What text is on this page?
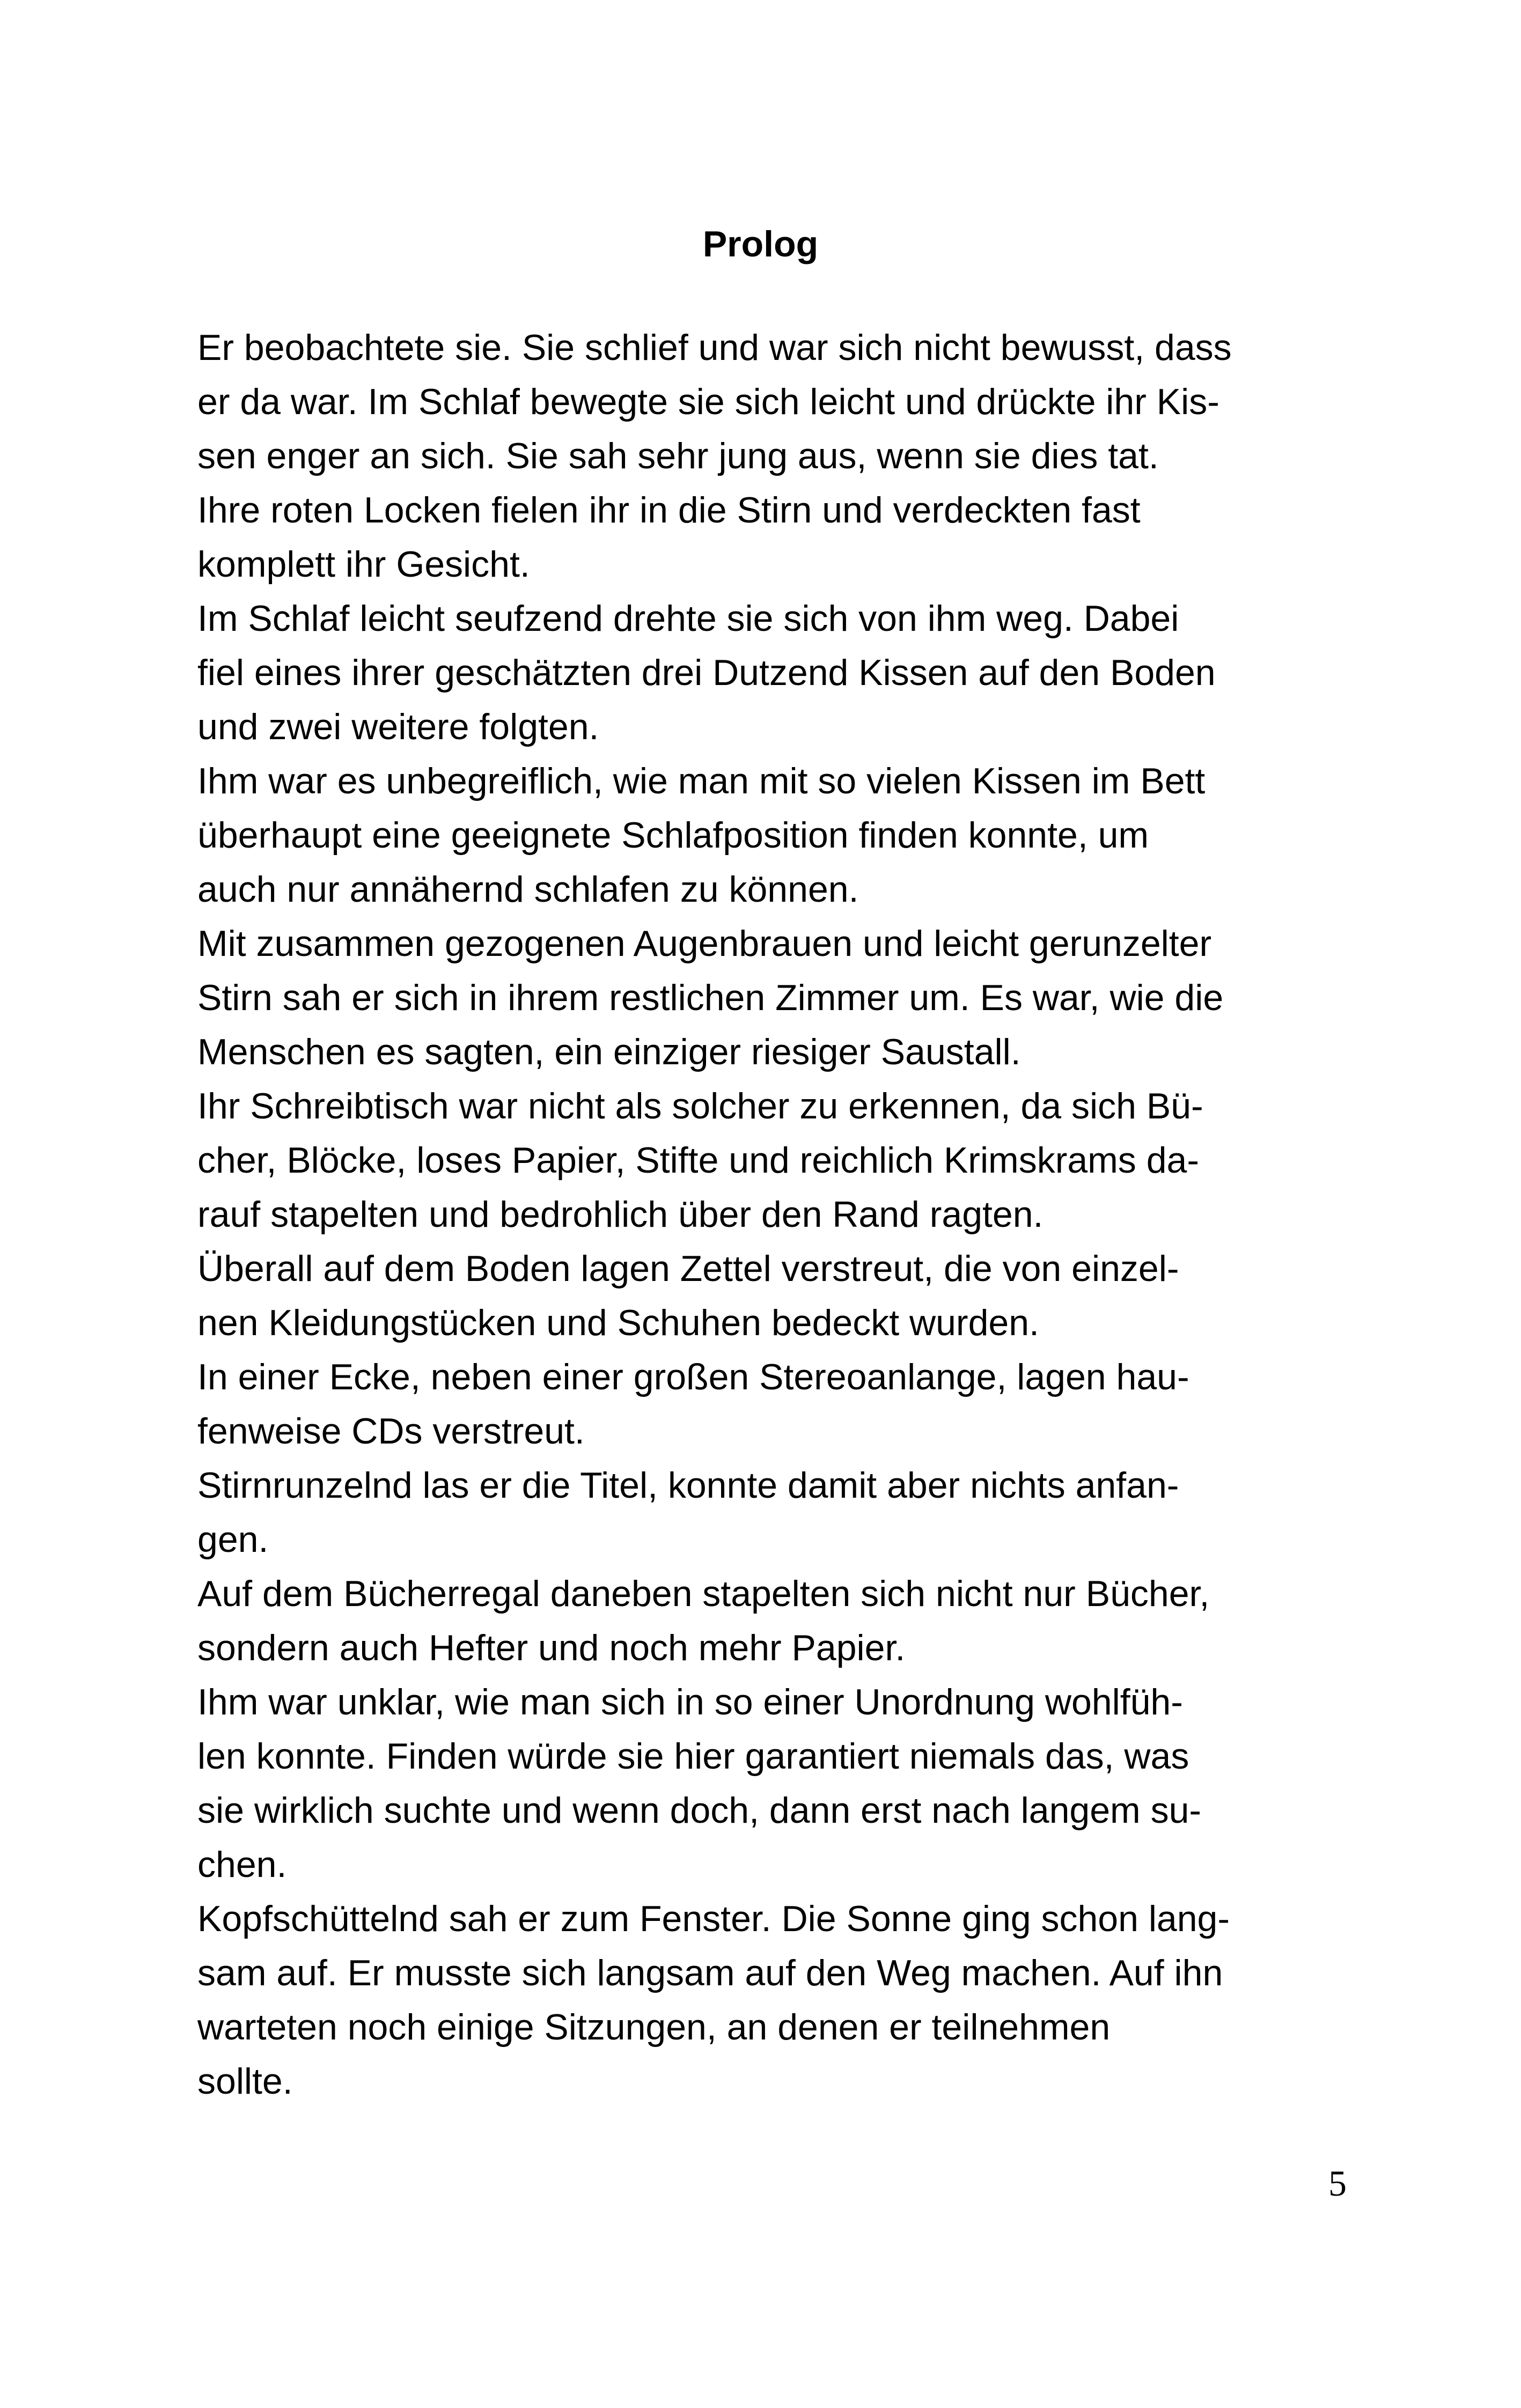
Prolog
Er beobachtete sie. Sie schlief und war sich nicht bewusst, dass
er da war. Im Schlaf bewegte sie sich leicht und drückte ihr Kis-
sen enger an sich. Sie sah sehr jung aus, wenn sie dies tat.
Ihre roten Locken fielen ihr in die Stirn und verdeckten fast
komplett ihr Gesicht.
Im Schlaf leicht seufzend drehte sie sich von ihm weg. Dabei
fiel eines ihrer geschätzten drei Dutzend Kissen auf den Boden
und zwei weitere folgten.
Ihm war es unbegreiflich, wie man mit so vielen Kissen im Bett
überhaupt eine geeignete Schlafposition finden konnte, um
auch nur annähernd schlafen zu können.
Mit zusammen gezogenen Augenbrauen und leicht gerunzelter
Stirn sah er sich in ihrem restlichen Zimmer um. Es war, wie die
Menschen es sagten, ein einziger riesiger Saustall.
Ihr Schreibtisch war nicht als solcher zu erkennen, da sich Bü-
cher, Blöcke, loses Papier, Stifte und reichlich Krimskrams da-
rauf stapelten und bedrohlich über den Rand ragten.
Überall auf dem Boden lagen Zettel verstreut, die von einzel-
nen Kleidungstücken und Schuhen bedeckt wurden.
In einer Ecke, neben einer großen Stereoanlange, lagen hau-
fenweise CDs verstreut.
Stirnrunzelnd las er die Titel, konnte damit aber nichts anfan-
gen.
Auf dem Bücherregal daneben stapelten sich nicht nur Bücher,
sondern auch Hefter und noch mehr Papier.
Ihm war unklar, wie man sich in so einer Unordnung wohlfüh-
len konnte. Finden würde sie hier garantiert niemals das, was
sie wirklich suchte und wenn doch, dann erst nach langem su-
chen.
Kopfschüttelnd sah er zum Fenster. Die Sonne ging schon lang-
sam auf. Er musste sich langsam auf den Weg machen. Auf ihn
warteten noch einige Sitzungen, an denen er teilnehmen
sollte.
5
